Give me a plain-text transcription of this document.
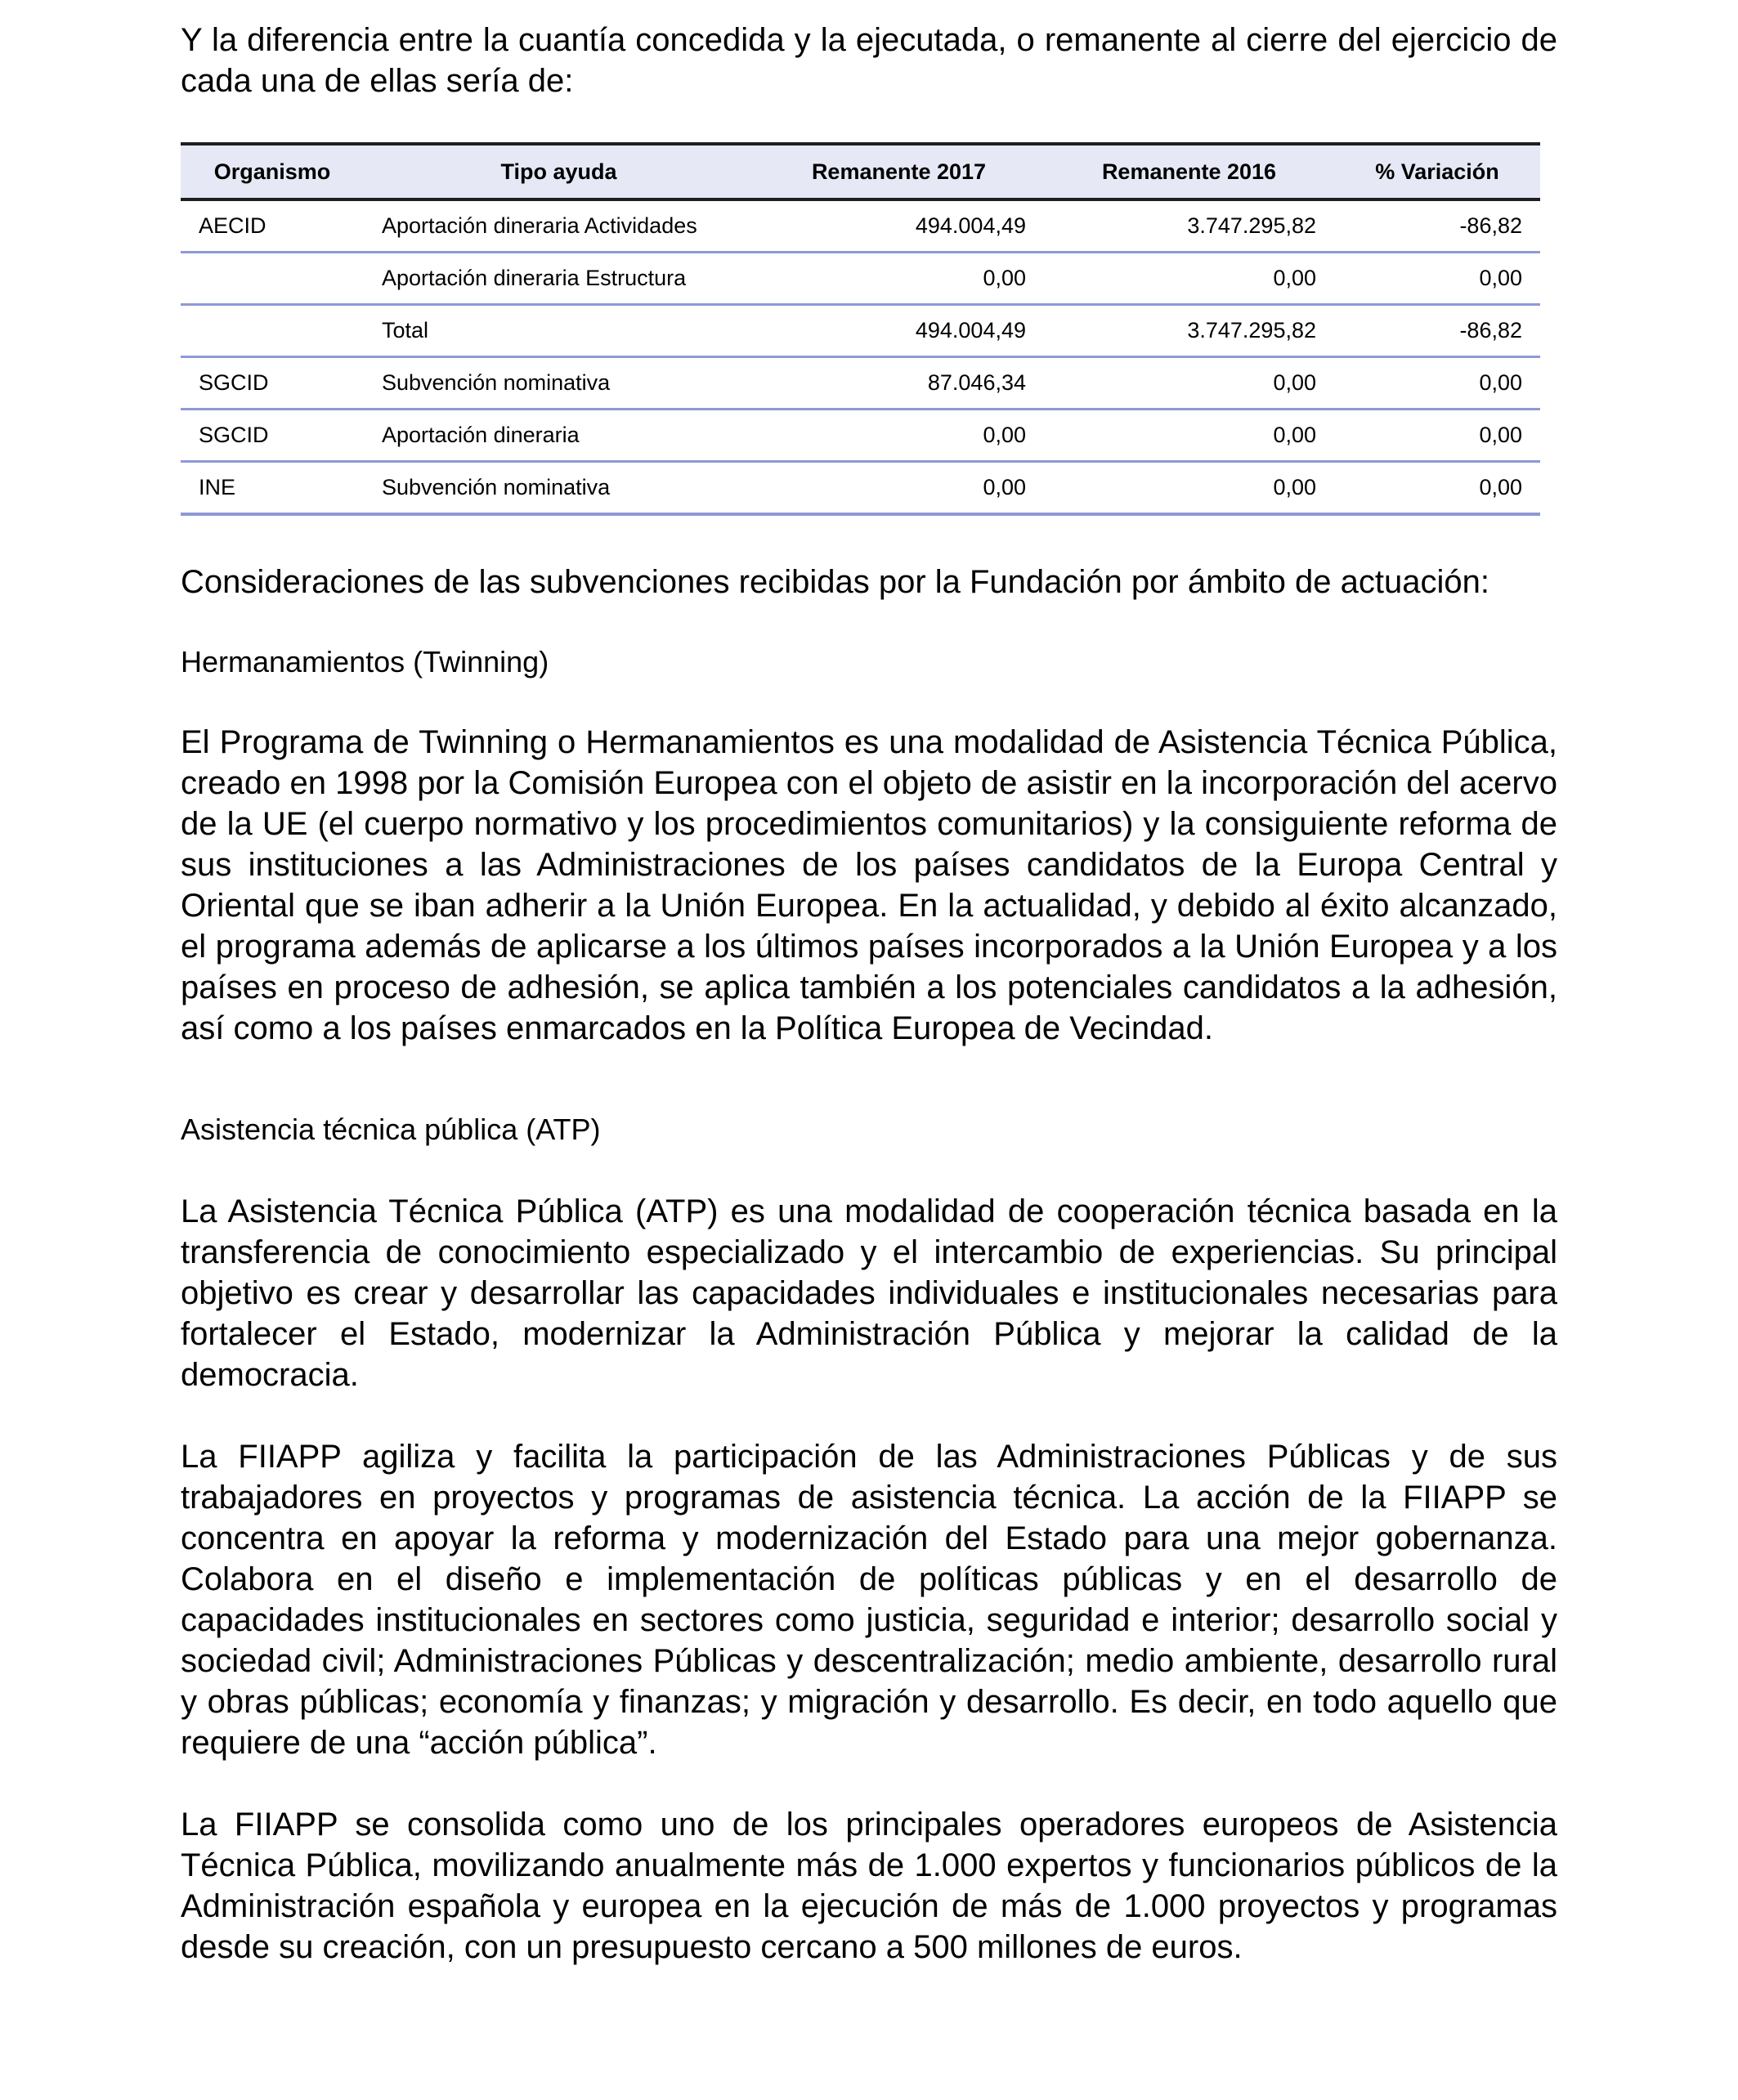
Y la diferencia entre la cuantía concedida y la ejecutada, o remanente al cierre del ejercicio de cada una de ellas sería de:

Organismo	Tipo ayuda	Remanente 2017	Remanente 2016	% Variación
AECID	Aportación dineraria Actividades	494.004,49	3.747.295,82	-86,82
	Aportación dineraria Estructura	0,00	0,00	0,00
	Total	494.004,49	3.747.295,82	-86,82
SGCID	Subvención nominativa	87.046,34	0,00	0,00
SGCID	Aportación dineraria	0,00	0,00	0,00
INE	Subvención nominativa	0,00	0,00	0,00

Consideraciones de las subvenciones recibidas por la Fundación por ámbito de actuación:

Hermanamientos (Twinning)

El Programa de Twinning o Hermanamientos es una modalidad de Asistencia Técnica Pública, creado en 1998 por la Comisión Europea con el objeto de asistir en la incorporación del acervo de la UE (el cuerpo normativo y los procedimientos comunitarios) y la consiguiente reforma de sus instituciones a las Administraciones de los países candidatos de la Europa Central y Oriental que se iban adherir a la Unión Europea. En la actualidad, y debido al éxito alcanzado, el programa además de aplicarse a los últimos países incorporados a la Unión Europea y a los países en proceso de adhesión, se aplica también a los potenciales candidatos a la adhesión, así como a los países enmarcados en la Política Europea de Vecindad.

Asistencia técnica pública (ATP)

La Asistencia Técnica Pública (ATP) es una modalidad de cooperación técnica basada en la transferencia de conocimiento especializado y el intercambio de experiencias. Su principal objetivo es crear y desarrollar las capacidades individuales e institucionales necesarias para fortalecer el Estado, modernizar la Administración Pública y mejorar la calidad de la democracia.

La FIIAPP agiliza y facilita la participación de las Administraciones Públicas y de sus trabajadores en proyectos y programas de asistencia técnica. La acción de la FIIAPP se concentra en apoyar la reforma y modernización del Estado para una mejor gobernanza. Colabora en el diseño e implementación de políticas públicas y en el desarrollo de capacidades institucionales en sectores como justicia, seguridad e interior; desarrollo social y sociedad civil; Administraciones Públicas y descentralización; medio ambiente, desarrollo rural y obras públicas; economía y finanzas; y migración y desarrollo. Es decir, en todo aquello que requiere de una “acción pública”.

La FIIAPP se consolida como uno de los principales operadores europeos de Asistencia Técnica Pública, movilizando anualmente más de 1.000 expertos y funcionarios públicos de la Administración española y europea en la ejecución de más de 1.000 proyectos y programas desde su creación, con un presupuesto cercano a 500 millones de euros.
